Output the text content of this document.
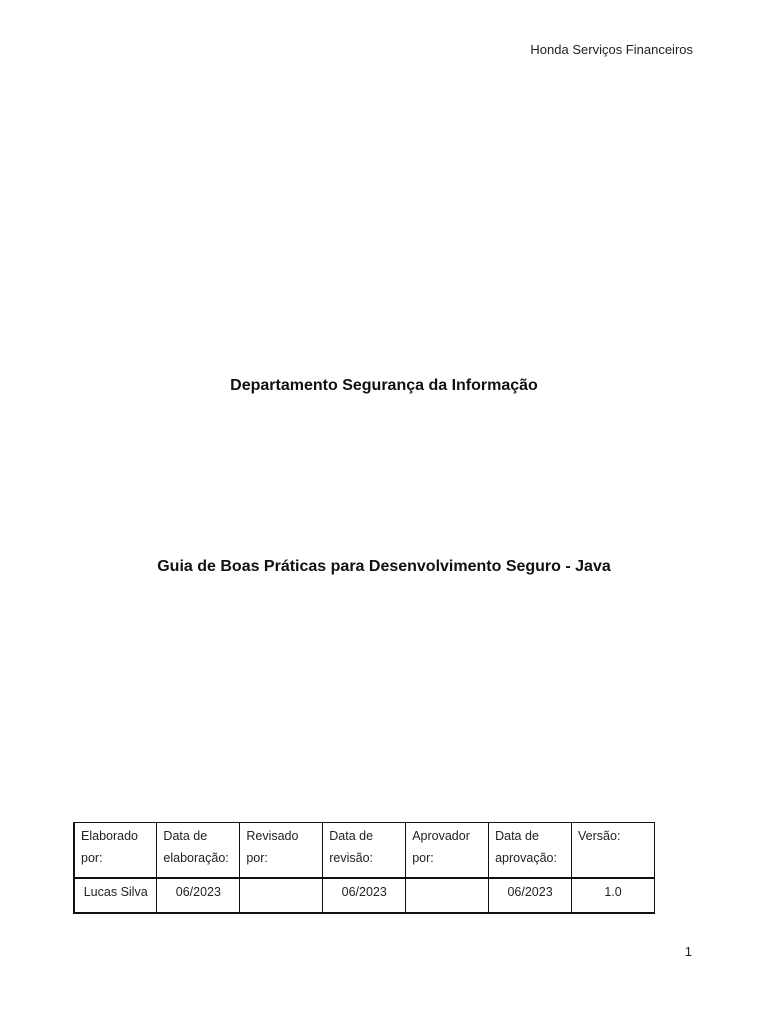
Honda Serviços Financeiros
Departamento Segurança da Informação
Guia de Boas Práticas para Desenvolvimento Seguro - Java
Elaborado por:	Data de elaboração:	Revisado por:	Data de revisão:	Aprovador por:	Data de aprovação:	Versão:
Lucas Silva	06/2023		06/2023		06/2023	1.0
1
